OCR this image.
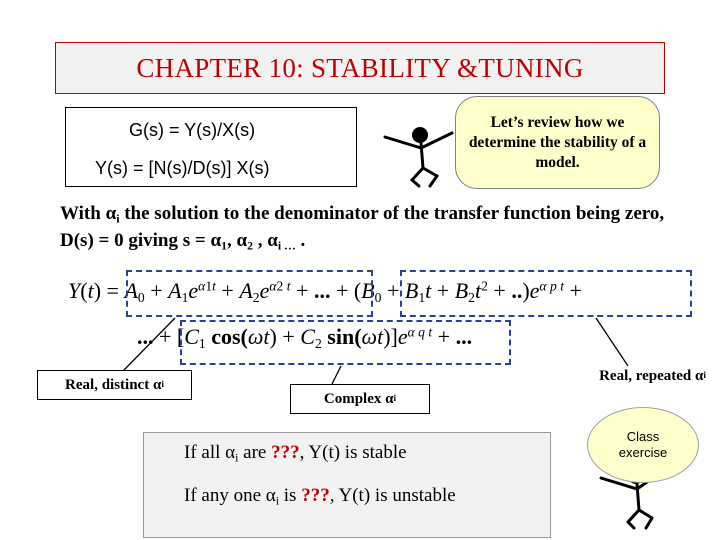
CHAPTER 10: STABILITY &TUNING
G(s) = Y(s)/X(s)
Y(s) = [N(s)/D(s)] X(s)
Let’s review how we determine the stability of a model.
With $\alpha_i$ the solution to the denominator of the transfer function being zero, D(s) = 0 giving $s = \alpha_1$, $\alpha_2$ , $\alpha_{i \dots}$ .
$Y(t) = A_0 + A_1e^{\alpha 1t} + A_2e^{\alpha 2 t}$ + ... + $(B_0 + B_1t + B_2t^2 + ..)e^{\alpha p t}$ +
... + [$C_1$ $\cos(\omega t) + C_2$ $\sin(\omega t)]e^{\alpha q t}$ + ...
Real, distinct
α i
Complex
α i
Real, repeated
α i
If all $\alpha_i$ are ???, Y(t) is stable
If any one $\alpha_i$ is ???, Y(t) is unstable
Class exercise
